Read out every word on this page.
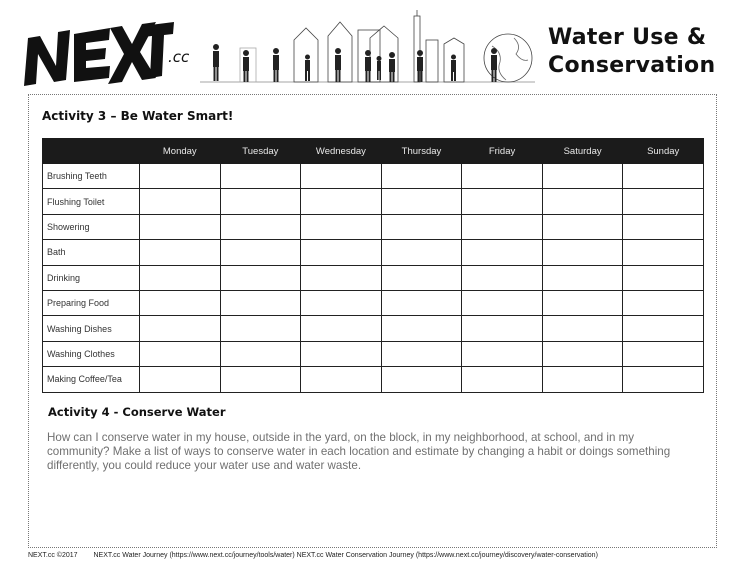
.cc
Water Use &
Conservation
Activity 3 – Be Water Smart!
	Monday	Tuesday	Wednesday	Thursday	Friday	Saturday	Sunday
Brushing Teeth							
Flushing Toilet							
Showering							
Bath							
Drinking							
Preparing Food							
Washing Dishes							
Washing Clothes							
Making Coffee/Tea							
Activity 4 - Conserve Water
How can I conserve water in my house, outside in the yard, on the block, in my neighborhood, at school, and in my community? Make a list of ways to conserve water in each location and estimate by changing a habit or doings something differently, you could reduce your water use and water waste.
NEXT.cc ©2017 NEXT.cc Water Journey (https://www.next.cc/journey/tools/water) NEXT.cc Water Conservation Journey (https://www.next.cc/journey/discovery/water-conservation)
